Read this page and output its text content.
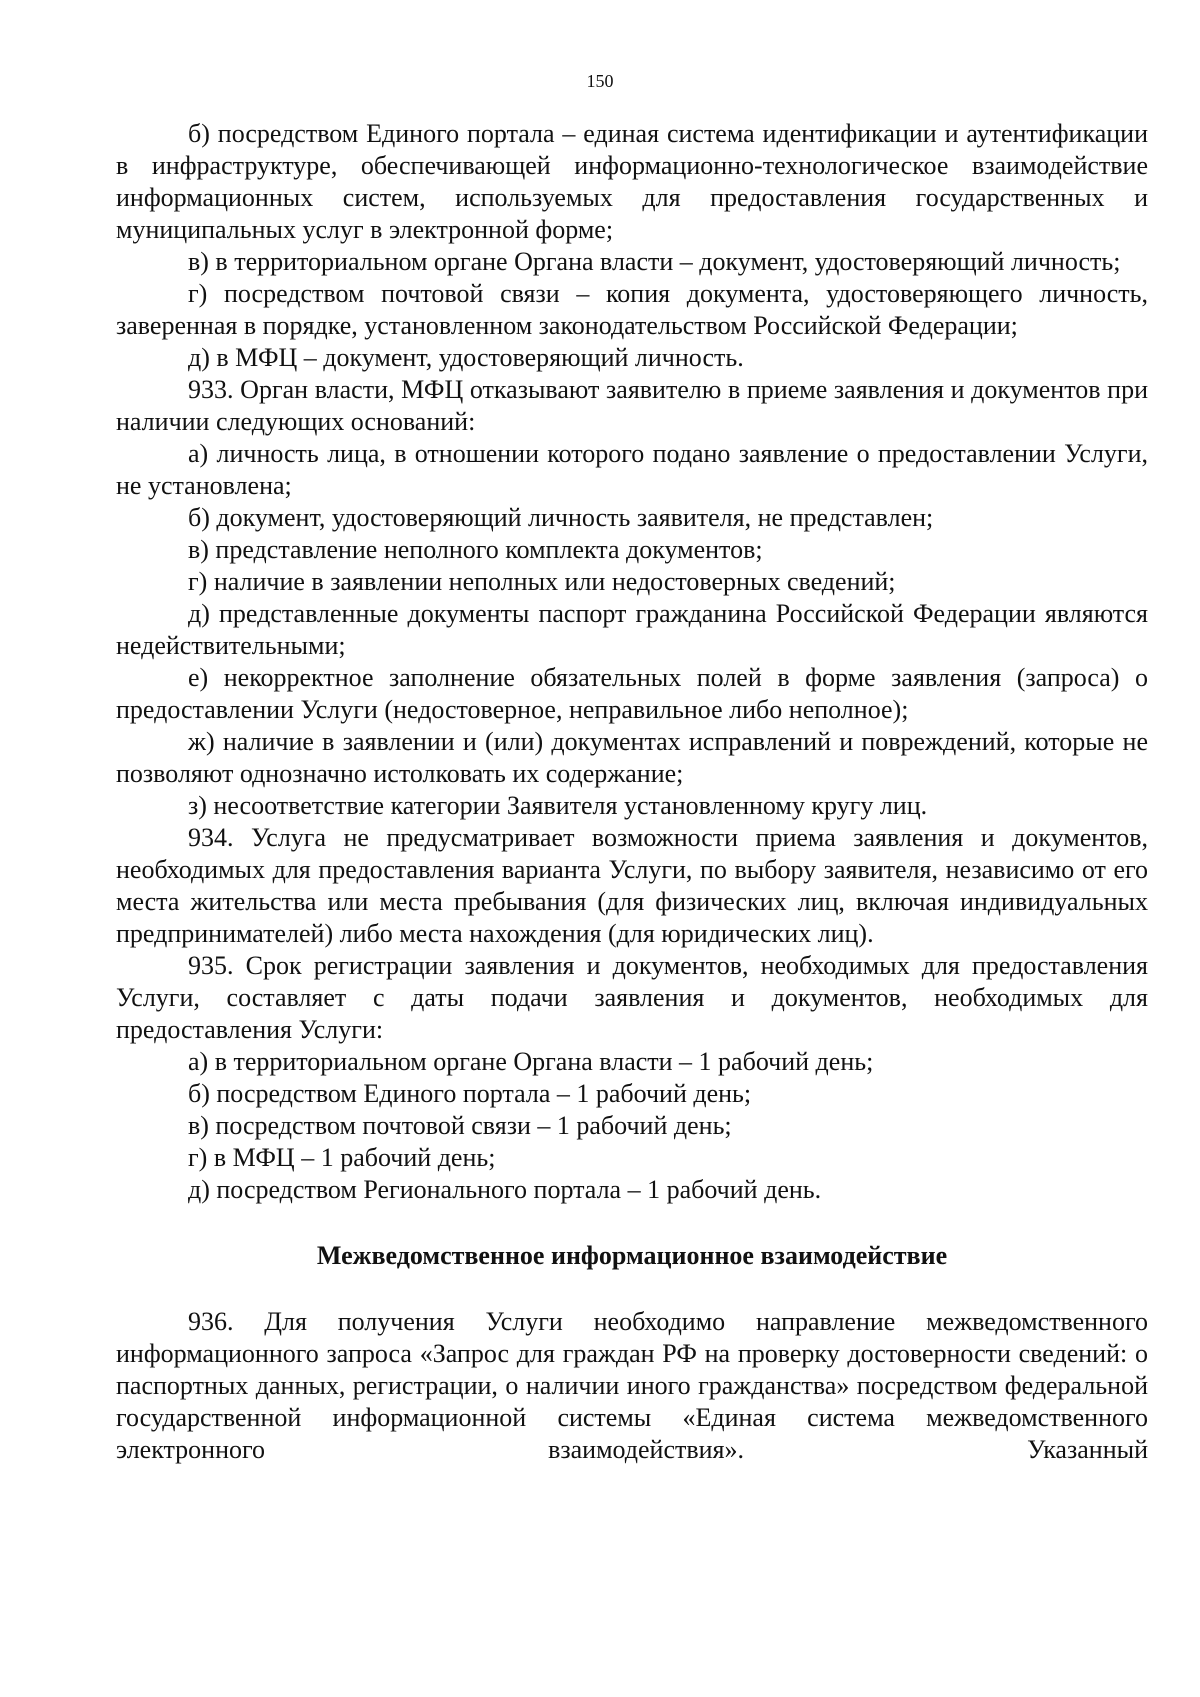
150

б) посредством Единого портала – единая система идентификации и аутентификации в инфраструктуре, обеспечивающей информационно-технологическое взаимодействие информационных систем, используемых для предоставления государственных и муниципальных услуг в электронной форме;

в) в территориальном органе Органа власти – документ, удостоверяющий личность;

г) посредством почтовой связи – копия документа, удостоверяющего личность, заверенная в порядке, установленном законодательством Российской Федерации;

д) в МФЦ – документ, удостоверяющий личность.

933. Орган власти, МФЦ отказывают заявителю в приеме заявления и документов при наличии следующих оснований:

а) личность лица, в отношении которого подано заявление о предоставлении Услуги, не установлена;

б) документ, удостоверяющий личность заявителя, не представлен;

в) представление неполного комплекта документов;

г) наличие в заявлении неполных или недостоверных сведений;

д) представленные документы паспорт гражданина Российской Федерации являются недействительными;

е) некорректное заполнение обязательных полей в форме заявления (запроса) о предоставлении Услуги (недостоверное, неправильное либо неполное);

ж) наличие в заявлении и (или) документах исправлений и повреждений, которые не позволяют однозначно истолковать их содержание;

з) несоответствие категории Заявителя установленному кругу лиц.

934. Услуга не предусматривает возможности приема заявления и документов, необходимых для предоставления варианта Услуги, по выбору заявителя, независимо от его места жительства или места пребывания (для физических лиц, включая индивидуальных предпринимателей) либо места нахождения (для юридических лиц).

935. Срок регистрации заявления и документов, необходимых для предоставления Услуги, составляет с даты подачи заявления и документов, необходимых для предоставления Услуги:

а) в территориальном органе Органа власти – 1 рабочий день;

б) посредством Единого портала – 1 рабочий день;

в) посредством почтовой связи – 1 рабочий день;

г) в МФЦ – 1 рабочий день;

д) посредством Регионального портала – 1 рабочий день.

Межведомственное информационное взаимодействие

936. Для получения Услуги необходимо направление межведомственного информационного запроса «Запрос для граждан РФ на проверку достоверности сведений: о паспортных данных, регистрации, о наличии иного гражданства» посредством федеральной государственной информационной системы «Единая система межведомственного электронного взаимодействия». Указанный
